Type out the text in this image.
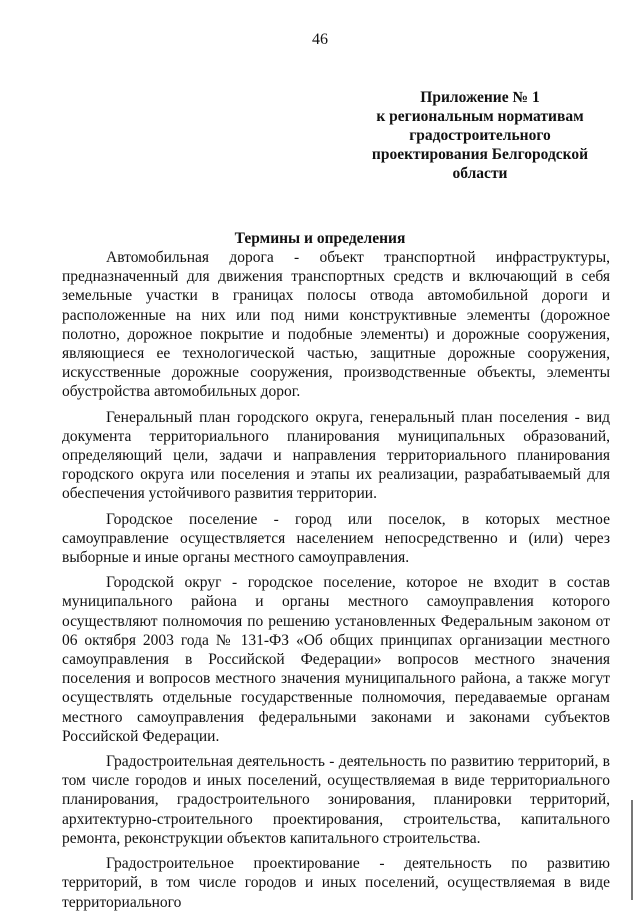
46
Приложение № 1
к региональным нормативам
градостроительного
проектирования Белгородской
области
Термины и определения

Автомобильная дорога - объект транспортной инфраструктуры, предназначенный для движения транспортных средств и включающий в себя земельные участки в границах полосы отвода автомобильной дороги и расположенные на них или под ними конструктивные элементы (дорожное полотно, дорожное покрытие и подобные элементы) и дорожные сооружения, являющиеся ее технологической частью, защитные дорожные сооружения, искусственные дорожные сооружения, производственные объекты, элементы обустройства автомобильных дорог.

Генеральный план городского округа, генеральный план поселения - вид документа территориального планирования муниципальных образований, определяющий цели, задачи и направления территориального планирования городского округа или поселения и этапы их реализации, разрабатываемый для обеспечения устойчивого развития территории.

Городское поселение - город или поселок, в которых местное самоуправление осуществляется населением непосредственно и (или) через выборные и иные органы местного самоуправления.

Городской округ - городское поселение, которое не входит в состав муниципального района и органы местного самоуправления которого осуществляют полномочия по решению установленных Федеральным законом от 06 октября 2003 года № 131-ФЗ «Об общих принципах организации местного самоуправления в Российской Федерации» вопросов местного значения поселения и вопросов местного значения муниципального района, а также могут осуществлять отдельные государственные полномочия, передаваемые органам местного самоуправления федеральными законами и законами субъектов Российской Федерации.

Градостроительная деятельность - деятельность по развитию территорий, в том числе городов и иных поселений, осуществляемая в виде территориального планирования, градостроительного зонирования, планировки территорий, архитектурно-строительного проектирования, строительства, капитального ремонта, реконструкции объектов капитального строительства.

Градостроительное проектирование - деятельность по развитию территорий, в том числе городов и иных поселений, осуществляемая в виде территориального
